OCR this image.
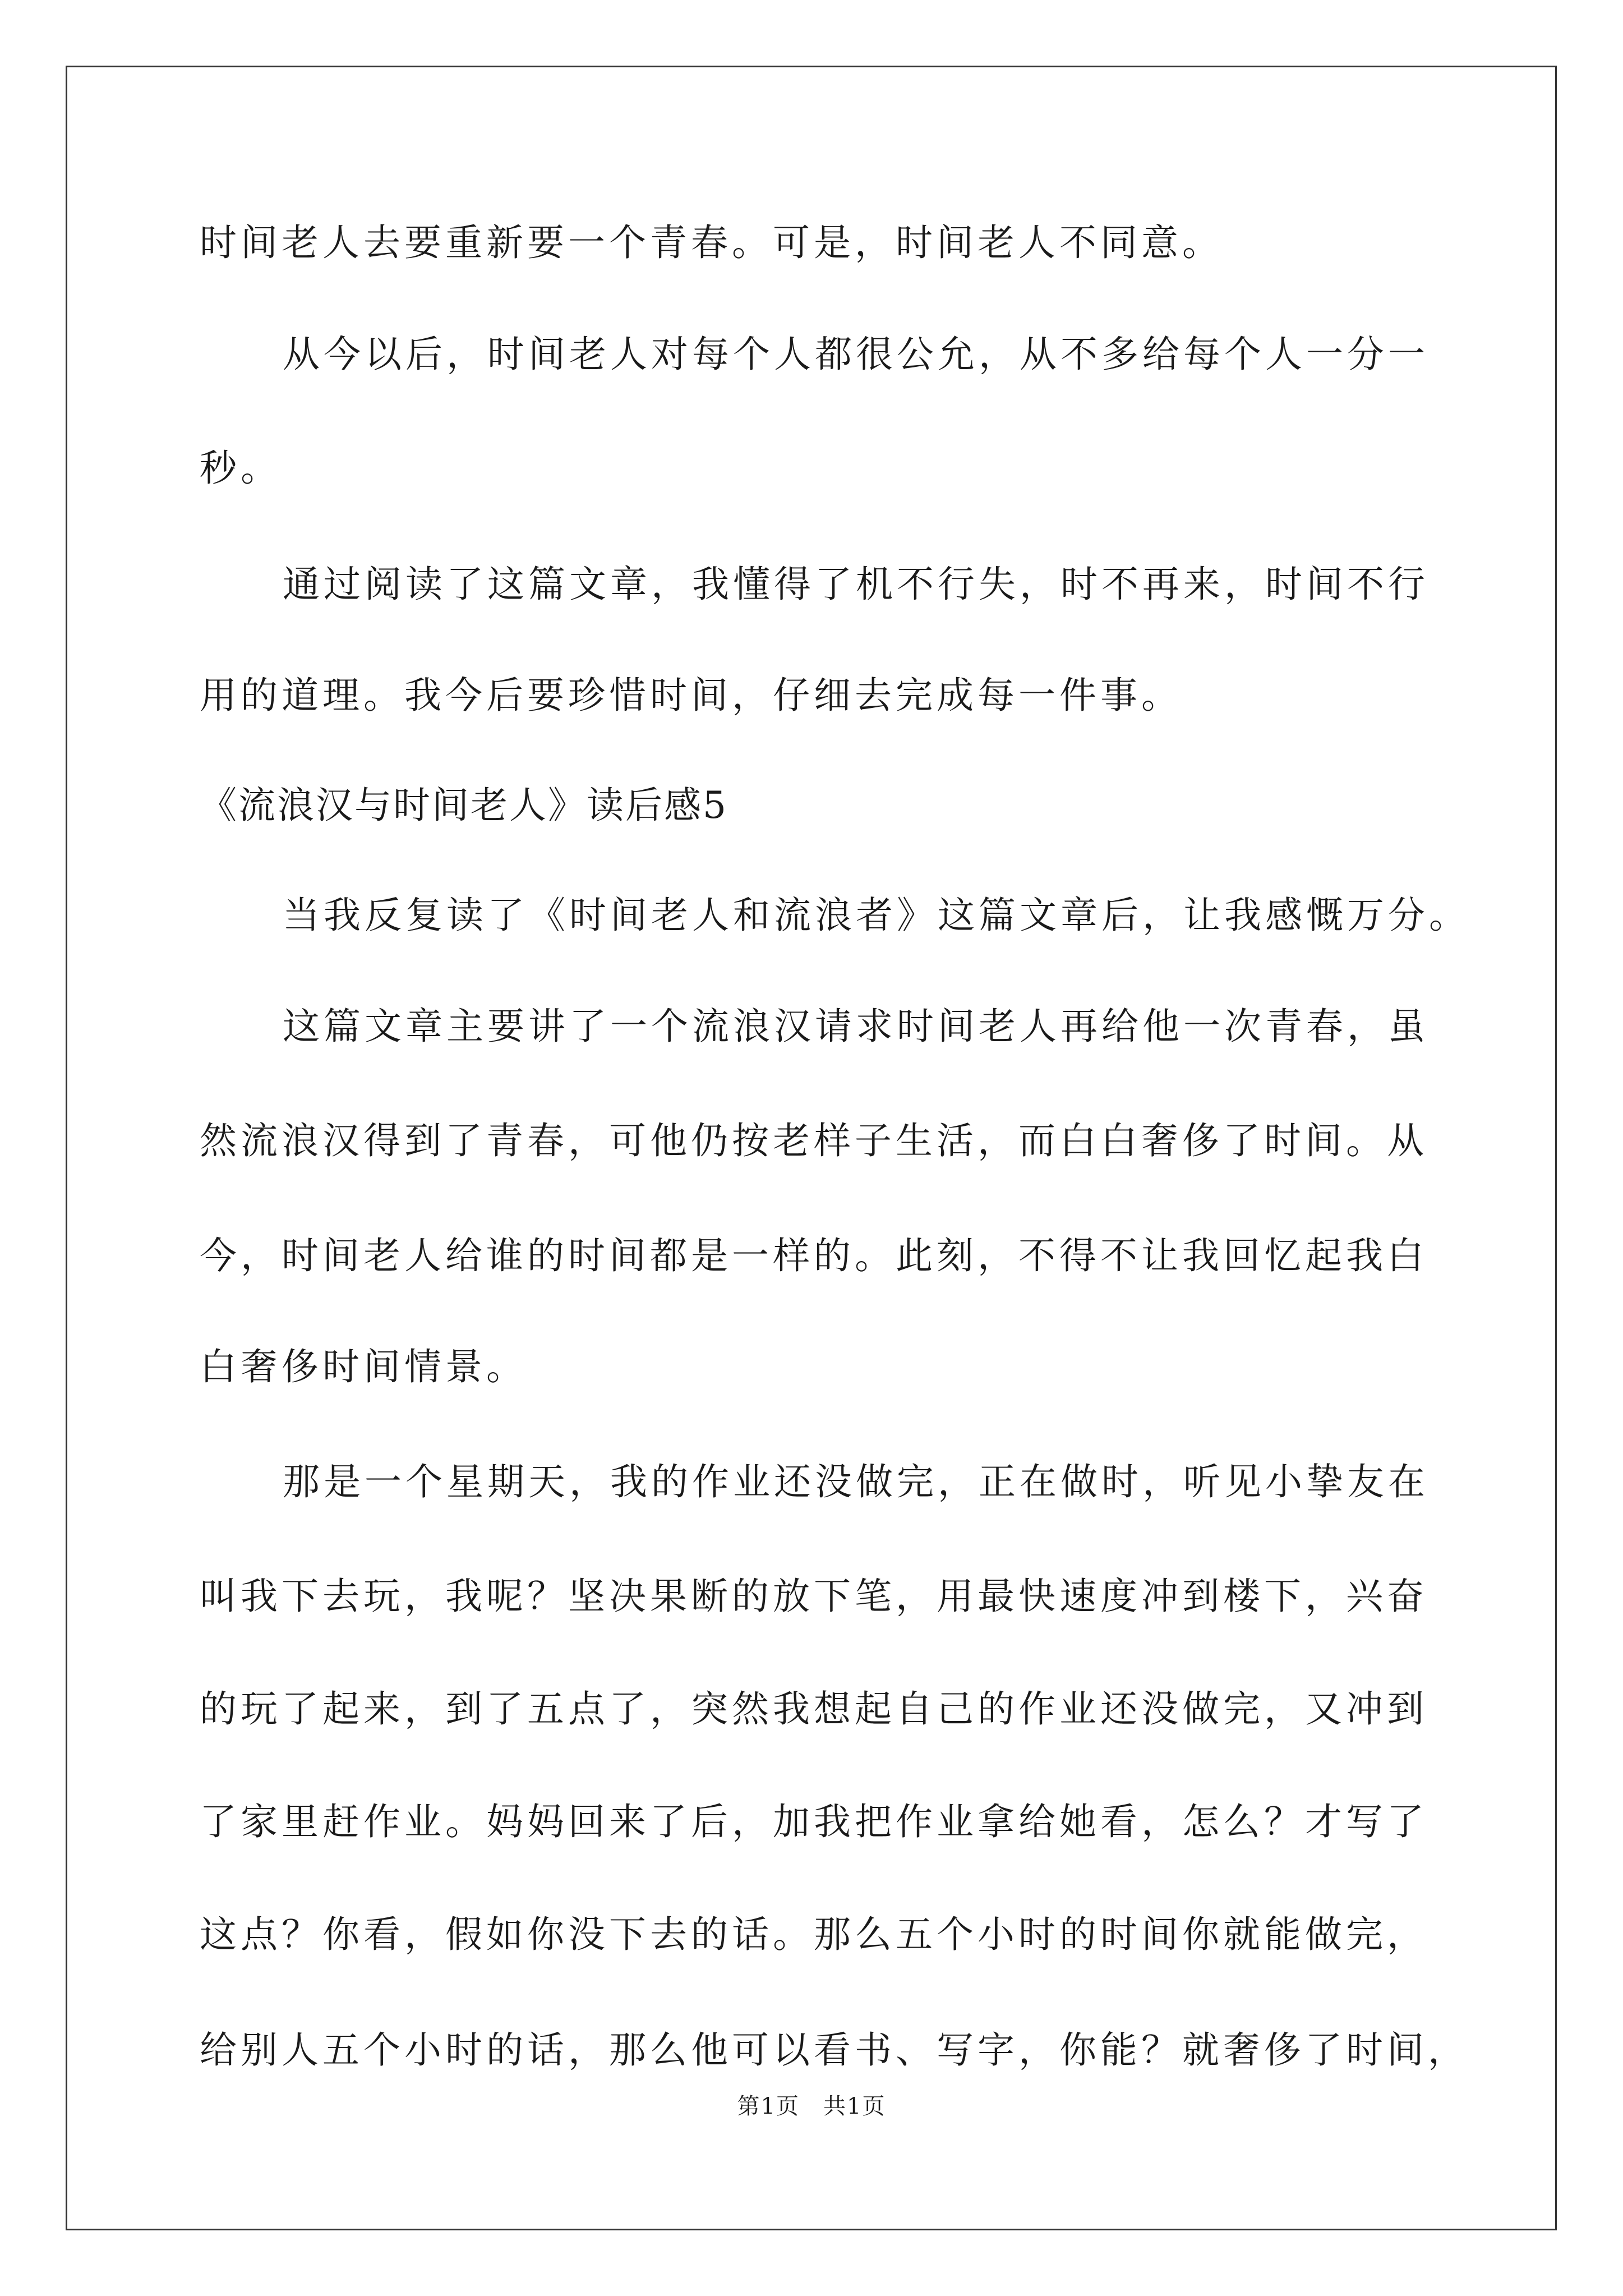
时间老人去要重新要一个青春。可是，时间老人不同意。
从今以后，时间老人对每个人都很公允，从不多给每个人一分一
秒。
通过阅读了这篇文章，我懂得了机不行失，时不再来，时间不行
用的道理。我今后要珍惜时间，仔细去完成每一件事。
《流浪汉与时间老人》读后感5
当我反复读了《时间老人和流浪者》这篇文章后，让我感慨万分。
这篇文章主要讲了一个流浪汉请求时间老人再给他一次青春，虽
然流浪汉得到了青春，可他仍按老样子生活，而白白奢侈了时间。从
今，时间老人给谁的时间都是一样的。此刻，不得不让我回忆起我白
白奢侈时间情景。
那是一个星期天，我的作业还没做完，正在做时，听见小挚友在
叫我下去玩，我呢？坚决果断的放下笔，用最快速度冲到楼下，兴奋
的玩了起来，到了五点了，突然我想起自己的作业还没做完，又冲到
了家里赶作业。妈妈回来了后，加我把作业拿给她看，怎么？才写了
这点？你看，假如你没下去的话。那么五个小时的时间你就能做完，
给别人五个小时的话，那么他可以看书、写字，你能？就奢侈了时间，
第1页　共1页
